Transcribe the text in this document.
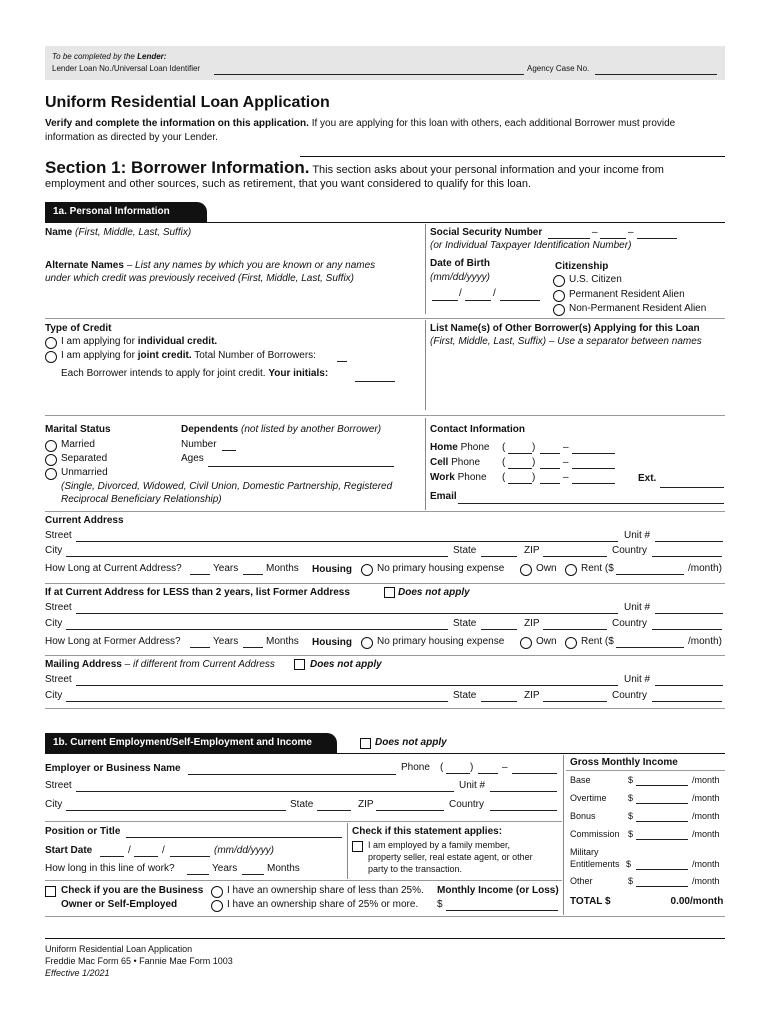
To be completed by the Lender:
Lender Loan No./Universal Loan Identifier	Agency Case No.
Uniform Residential Loan Application
Verify and complete the information on this application. If you are applying for this loan with others, each additional Borrower must provide
information as directed by your Lender.
Section 1: Borrower Information. This section asks about your personal information and your income from
employment and other sources, such as retirement, that you want considered to qualify for this loan.
1a. Personal Information
Name (First, Middle, Last, Suffix)	Social Security Number	–	–
(or Individual Taxpayer Identification Number)
Alternate Names – List any names by which you are known or any names
under which credit was previously received (First, Middle, Last, Suffix)
Date of Birth
(mm/dd/yyyy)
/	/
Citizenship
U.S. Citizen
Permanent Resident Alien
Non-Permanent Resident Alien
Type of Credit
I am applying for individual credit.
I am applying for joint credit. Total Number of Borrowers:
Each Borrower intends to apply for joint credit. Your initials:
List Name(s) of Other Borrower(s) Applying for this Loan
(First, Middle, Last, Suffix) – Use a separator between names
Marital Status
Married
Separated
Unmarried
(Single, Divorced, Widowed, Civil Union, Domestic Partnership, Registered
Reciprocal Beneficiary Relationship)
Dependents (not listed by another Borrower)
Number
Ages
Contact Information
Home Phone (	)	–
Cell Phone (	)	–
Work Phone (	)	–	Ext.
Email
Current Address
Street	Unit #
City	State	ZIP	Country
How Long at Current Address?	Years	Months Housing	No primary housing expense	Own Rent ($	/month)
If at Current Address for LESS than 2 years, list Former Address	Does not apply
Street	Unit #
City	State	ZIP	Country
How Long at Former Address?	Years	Months Housing	No primary housing expense	Own Rent ($	/month)
Mailing Address – if different from Current Address	Does not apply
Street	Unit #
City	State	ZIP	Country
1b. Current Employment/Self-Employment and Income	Does not apply
Employer or Business Name	Phone (	)	–
Street	Unit #
City	State	ZIP	Country
Position or Title
Start Date	/	/	(mm/dd/yyyy)
How long in this line of work?	Years	Months
Check if this statement applies:
I am employed by a family member,
property seller, real estate agent, or other
party to the transaction.
Check if you are the Business
Owner or Self-Employed
I have an ownership share of less than 25%. Monthly Income (or Loss)
I have an ownership share of 25% or more. $
Gross Monthly Income
Base	$	/month
Overtime $	/month
Bonus	$	/month
Commission $	/month
Military
Entitlements $	/month
Other	$	/month
TOTAL $	0.00 /month
Uniform Residential Loan Application
Freddie Mac Form 65 • Fannie Mae Form 1003
Effective 1/2021
